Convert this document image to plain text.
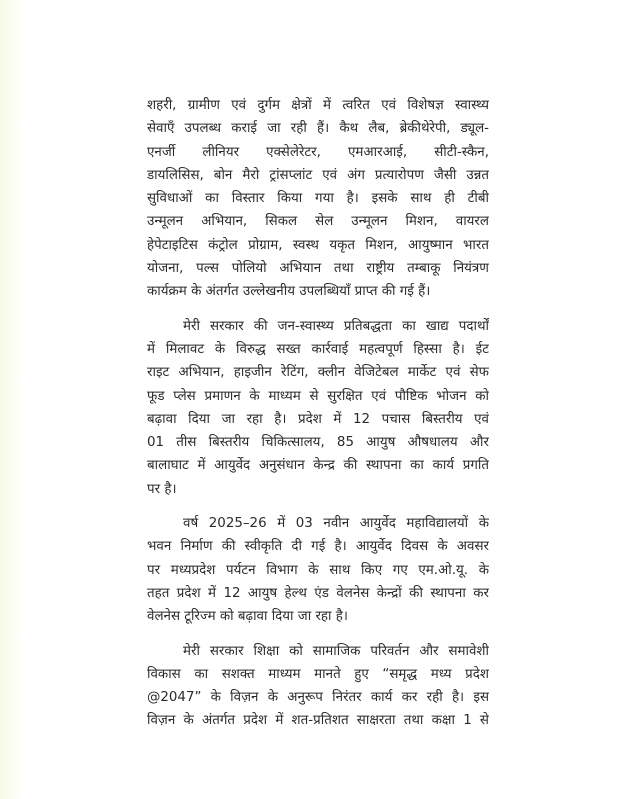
शहरी, ग्रामीण एवं दुर्गम क्षेत्रों में त्वरित एवं विशेषज्ञ स्वास्थ्य
सेवाएँ उपलब्ध कराई जा रही हैं। कैथ लैब, ब्रेकीथेरेपी, ड्यूल-
एनर्जी लीनियर एक्सेलेरेटर, एमआरआई, सीटी-स्कैन,
डायलिसिस, बोन मैरो ट्रांसप्लांट एवं अंग प्रत्यारोपण जैसी उन्नत
सुविधाओं का विस्तार किया गया है। इसके साथ ही टीबी
उन्मूलन अभियान, सिकल सेल उन्मूलन मिशन, वायरल
हेपेटाइटिस कंट्रोल प्रोग्राम, स्वस्थ यकृत मिशन, आयुष्मान भारत
योजना, पल्स पोलियो अभियान तथा राष्ट्रीय तम्बाकू नियंत्रण
कार्यक्रम के अंतर्गत उल्लेखनीय उपलब्धियाँ प्राप्त की गई हैं।
मेरी सरकार की जन-स्वास्थ्य प्रतिबद्धता का खाद्य पदार्थों
में मिलावट के विरुद्ध सख्त कार्रवाई महत्वपूर्ण हिस्सा है। ईट
राइट अभियान, हाइजीन रेटिंग, क्लीन वेजिटेबल मार्केट एवं सेफ
फूड प्लेस प्रमाणन के माध्यम से सुरक्षित एवं पौष्टिक भोजन को
बढ़ावा दिया जा रहा है। प्रदेश में 12 पचास बिस्तरीय एवं
01 तीस बिस्तरीय चिकित्सालय, 85 आयुष औषधालय और
बालाघाट में आयुर्वेद अनुसंधान केन्द्र की स्थापना का कार्य प्रगति
पर है।
वर्ष 2025–26 में 03 नवीन आयुर्वेद महाविद्यालयों के
भवन निर्माण की स्वीकृति दी गई है। आयुर्वेद दिवस के अवसर
पर मध्यप्रदेश पर्यटन विभाग के साथ किए गए एम.ओ.यू. के
तहत प्रदेश में 12 आयुष हेल्थ एंड वेलनेस केन्द्रों की स्थापना कर
वेलनेस टूरिज्म को बढ़ावा दिया जा रहा है।
मेरी सरकार शिक्षा को सामाजिक परिवर्तन और समावेशी
विकास का सशक्त माध्यम मानते हुए “समृद्ध मध्य प्रदेश
@2047” के विज़न के अनुरूप निरंतर कार्य कर रही है। इस
विज़न के अंतर्गत प्रदेश में शत-प्रतिशत साक्षरता तथा कक्षा 1 से
